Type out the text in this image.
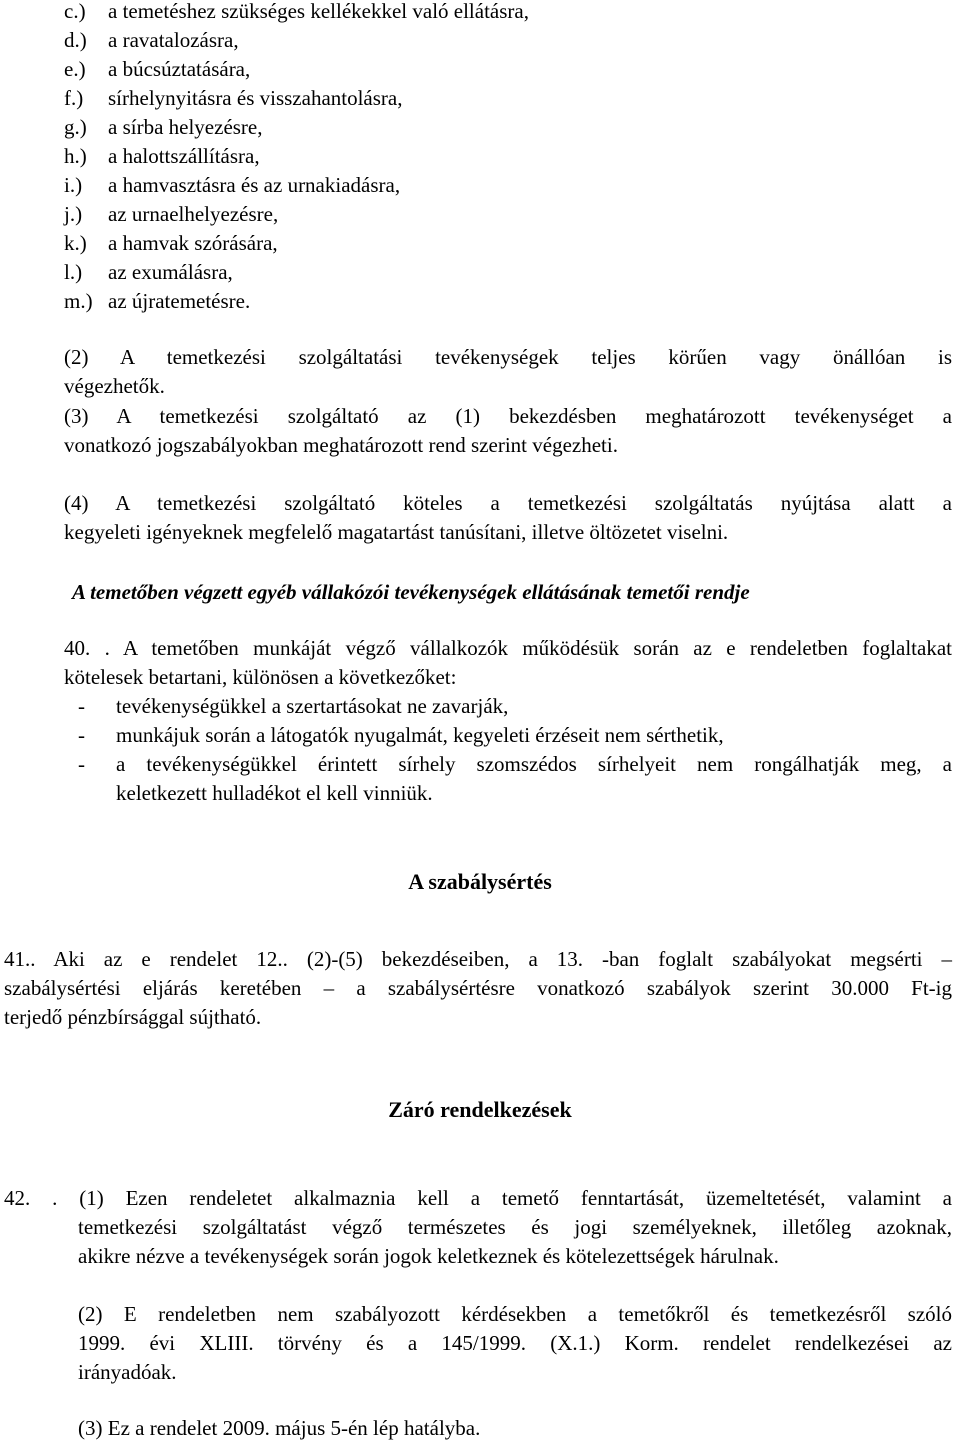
c.) a temetéshez szükséges kellékekkel való ellátásra,
d.) a ravatalozásra,
e.) a búcsúztatására,
f.) sírhelynyitásra és visszahantolásra,
g.) a sírba helyezésre,
h.) a halottszállításra,
i.) a hamvasztásra és az urnakiadásra,
j.) az urnaelhelyezésre,
k.) a hamvak szórására,
l.) az exumálásra,
m.) az újratemetésre.
(2) A temetkezési szolgáltatási tevékenységek teljes körűen vagy önállóan is
végezhetők.
(3) A temetkezési szolgáltató az (1) bekezdésben meghatározott tevékenységet a
vonatkozó jogszabályokban meghatározott rend szerint végezheti.
(4) A temetkezési szolgáltató köteles a temetkezési szolgáltatás nyújtása alatt a
kegyeleti igényeknek megfelelő magatartást tanúsítani, illetve öltözetet viselni.
A temetőben végzett egyéb vállakózói tevékenységek ellátásának temetői rendje
40. . A temetőben munkáját végző vállalkozók működésük során az e rendeletben foglaltakat
kötelesek betartani, különösen a következőket:
- tevékenységükkel a szertartásokat ne zavarják,
- munkájuk során a látogatók nyugalmát, kegyeleti érzéseit nem sérthetik,
- a tevékenységükkel érintett sírhely szomszédos sírhelyeit nem rongálhatják meg, a
keletkezett hulladékot el kell vinniük.
A szabálysértés
41.. Aki az e rendelet 12.. (2)-(5) bekezdéseiben, a 13. -ban foglalt szabályokat megsérti –
szabálysértési eljárás keretében – a szabálysértésre vonatkozó szabályok szerint 30.000 Ft-ig
terjedő pénzbírsággal sújtható.
Záró rendelkezések
42. . (1) Ezen rendeletet alkalmaznia kell a temető fenntartását, üzemeltetését, valamint a
temetkezési szolgáltatást végző természetes és jogi személyeknek, illetőleg azoknak,
akikre nézve a tevékenységek során jogok keletkeznek és kötelezettségek hárulnak.
(2) E rendeletben nem szabályozott kérdésekben a temetőkről és temetkezésről szóló
1999. évi XLIII. törvény és a 145/1999. (X.1.) Korm. rendelet rendelkezései az
irányadóak.
(3) Ez a rendelet 2009. május 5-én lép hatályba.
